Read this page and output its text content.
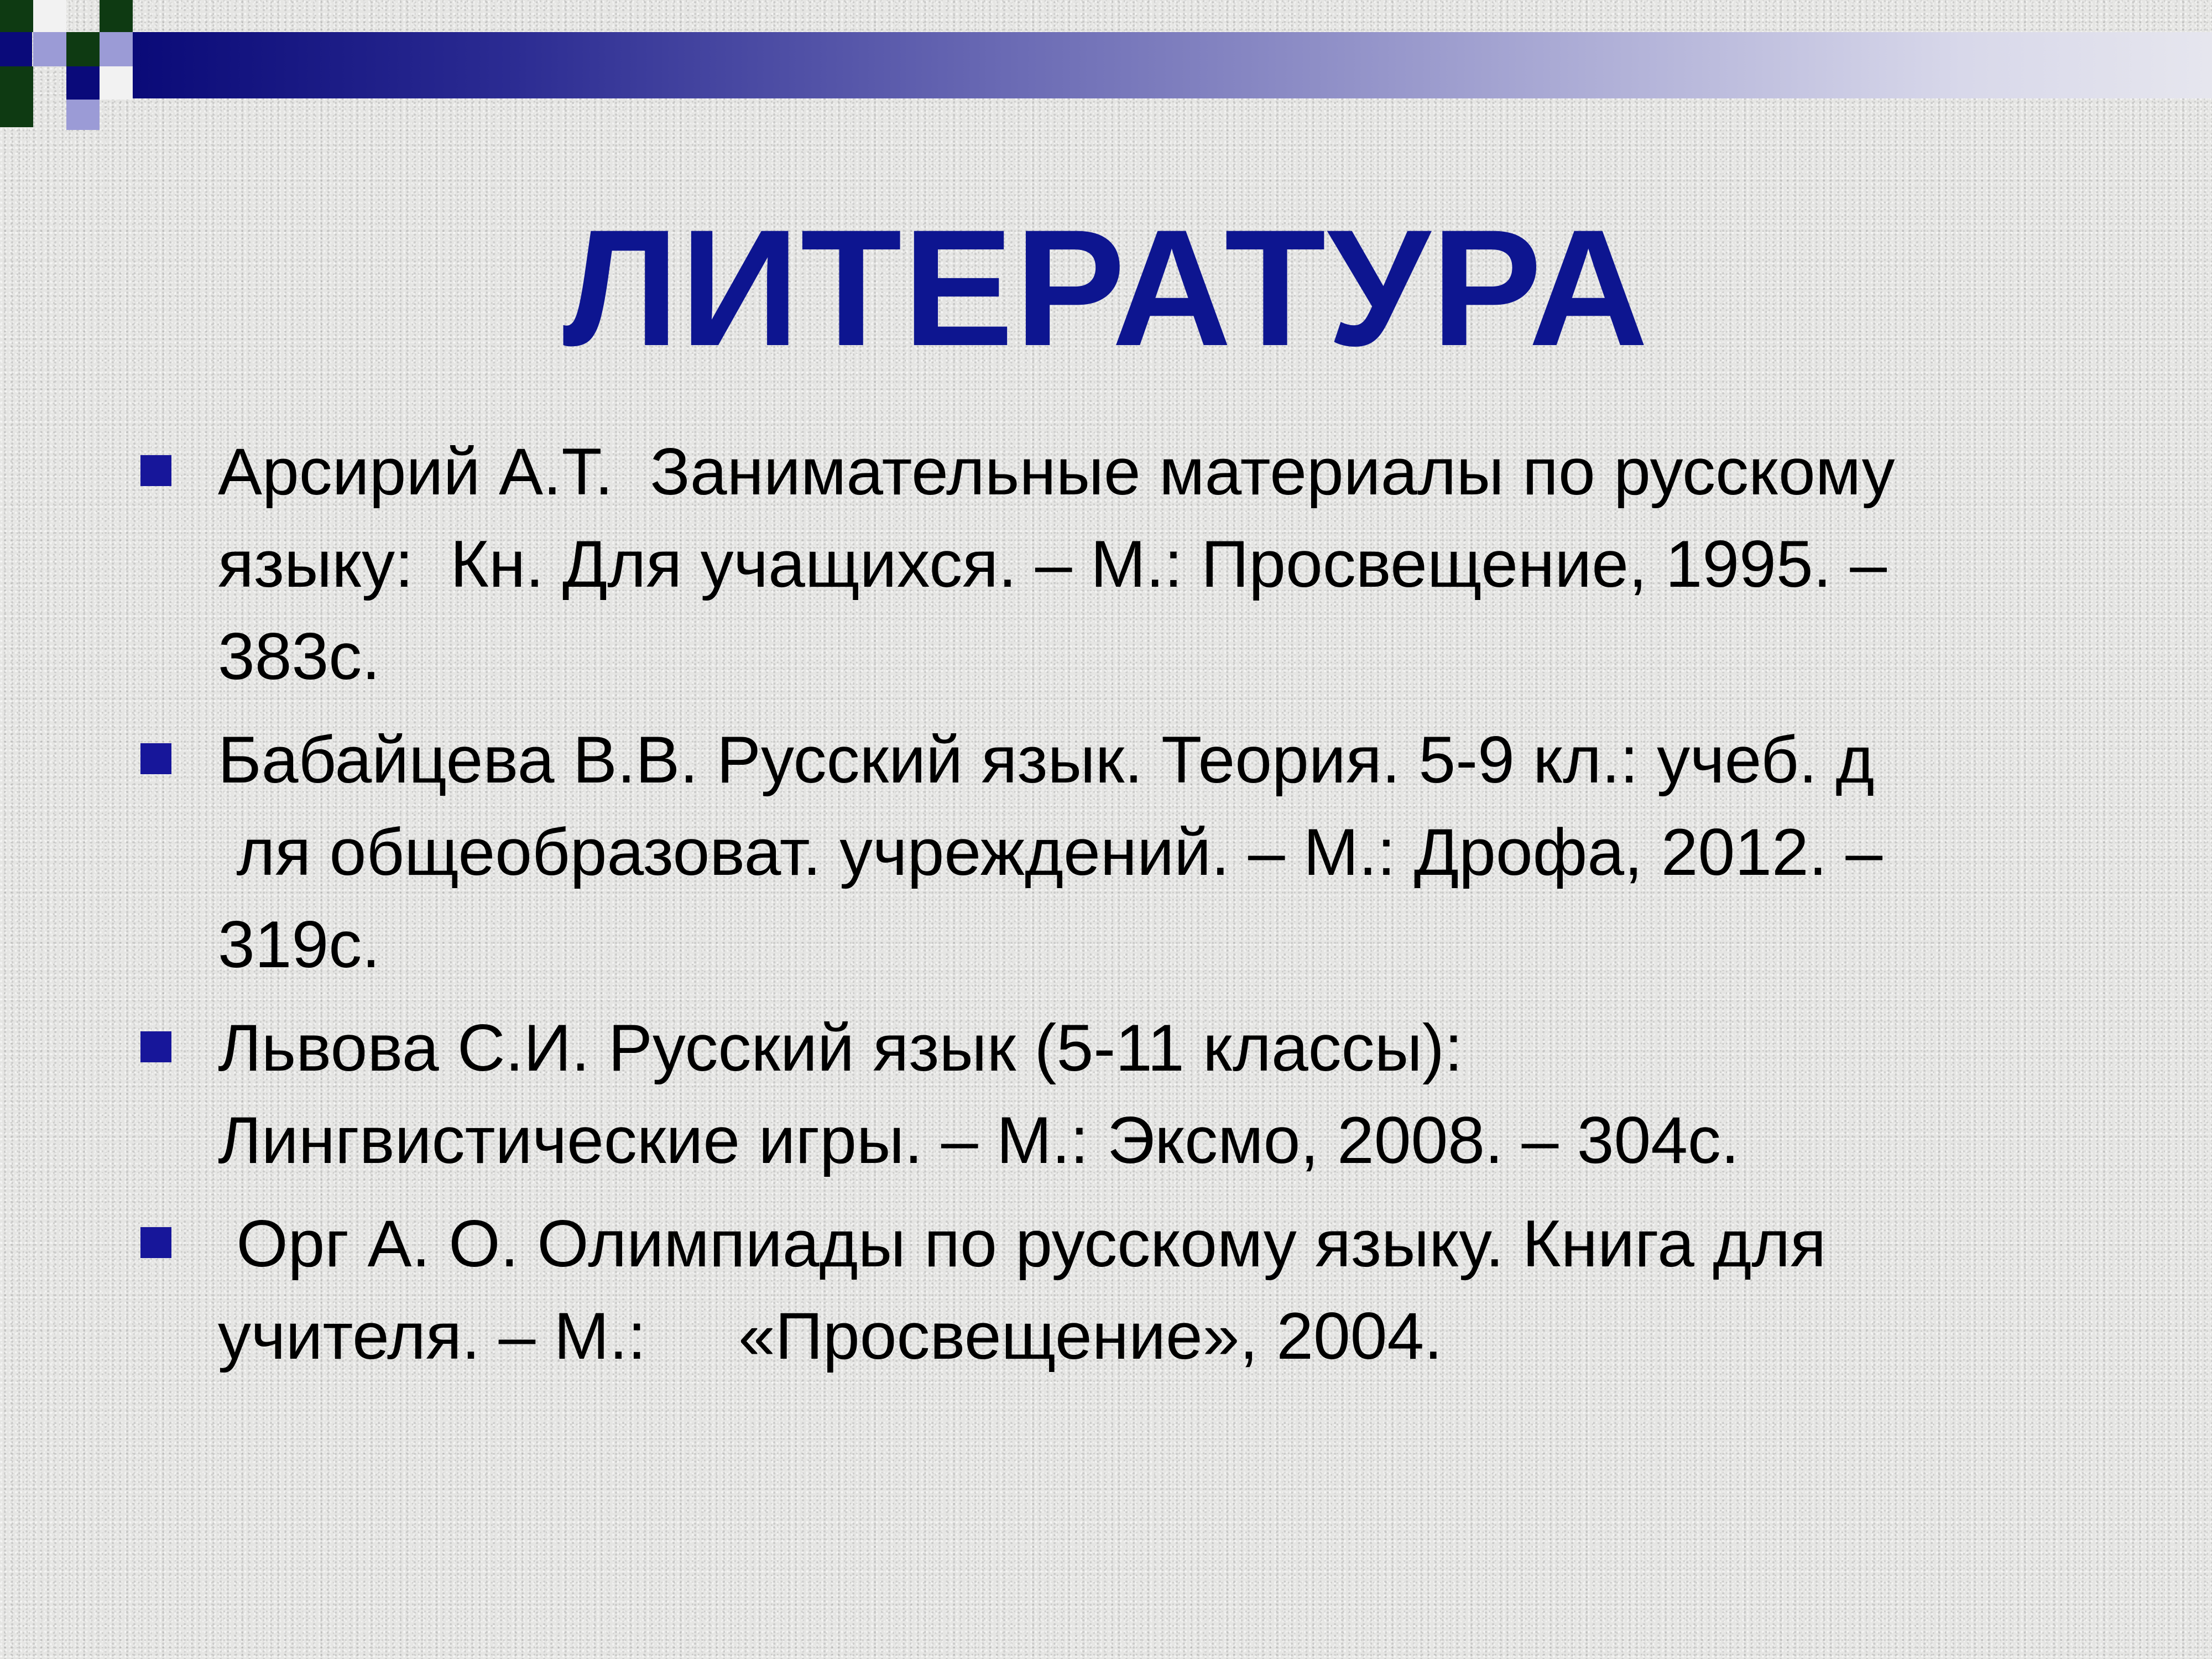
ЛИТЕРАТУРА
Арсирий А.Т.  Занимательные материалы по русскому
языку:  Кн. Для учащихся. – М.: Просвещение, 1995. –
383с.
Бабайцева В.В. Русский язык. Теория. 5-9 кл.: учеб. д
ля общеобразоват. учреждений. – М.: Дрофа, 2012. –
319с.
Львова С.И. Русский язык (5-11 классы):
Лингвистические игры. – М.: Эксмо, 2008. – 304с.
Орг А. О. Олимпиады по русскому языку. Книга для
учителя. – М.:     «Просвещение», 2004.
